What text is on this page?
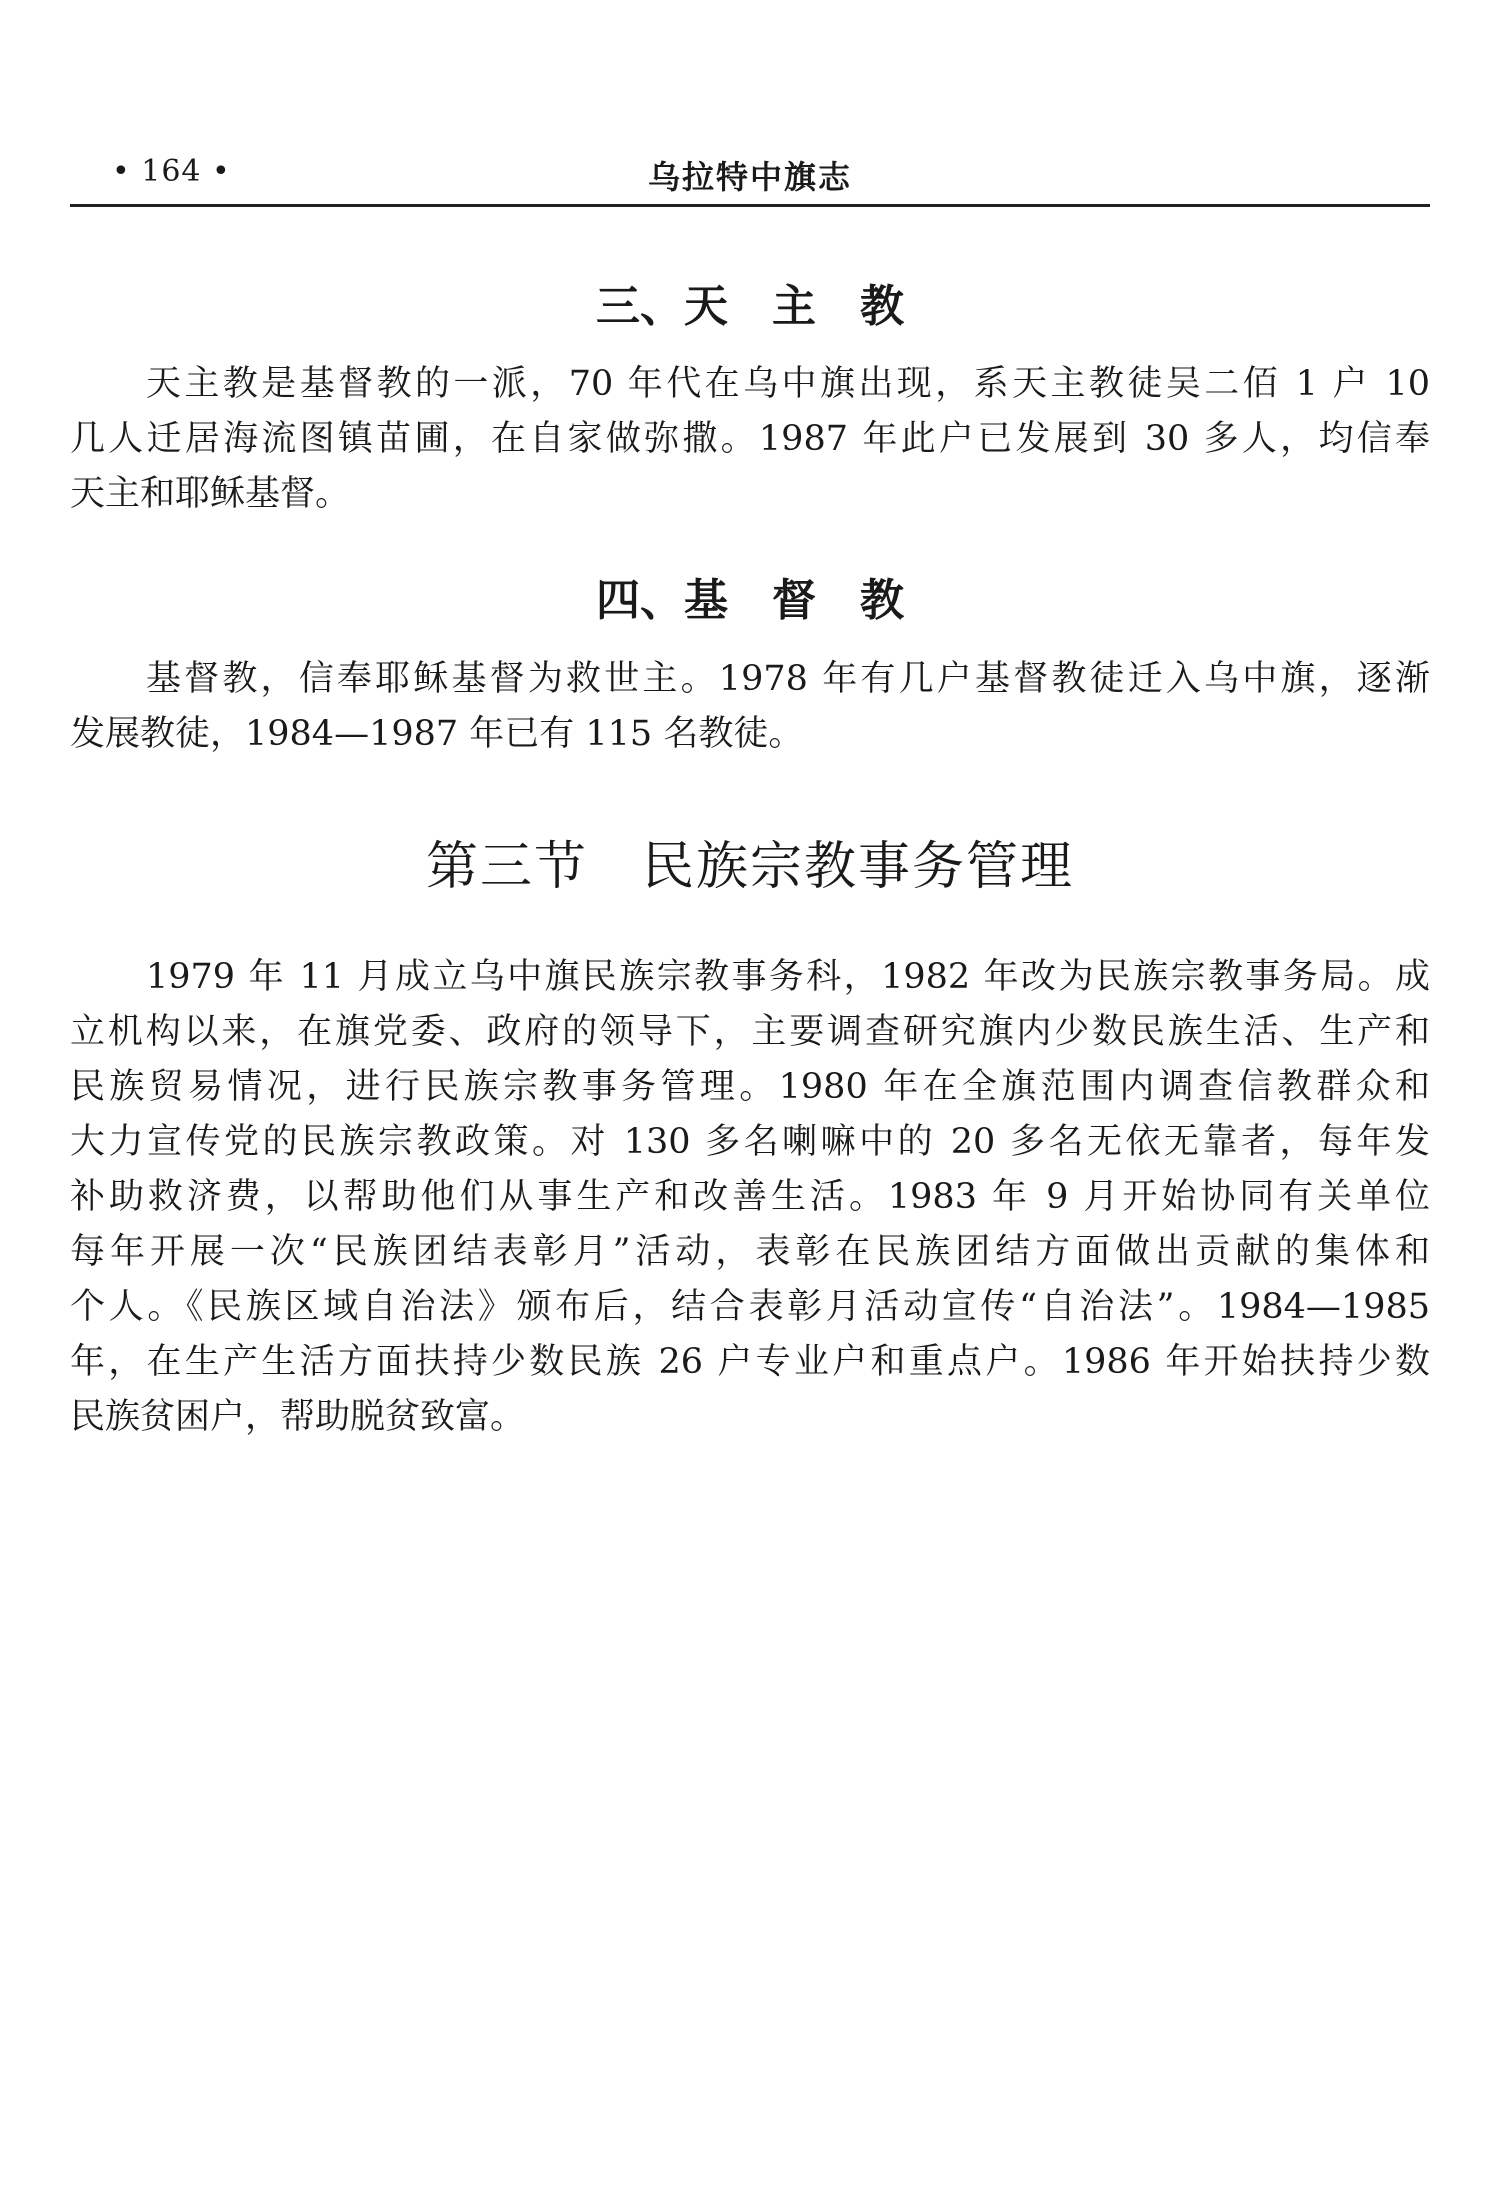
• 164 •	乌拉特中旗志
三、天　主　教
天主教是基督教的一派，70 年代在乌中旗出现，系天主教徒吴二佰 1 户 10
几人迁居海流图镇苗圃，在自家做弥撒。1987 年此户已发展到 30 多人，均信奉
天主和耶稣基督。
四、基　督　教
基督教，信奉耶稣基督为救世主。1978 年有几户基督教徒迁入乌中旗，逐渐
发展教徒，1984—1987 年已有 115 名教徒。
第三节　民族宗教事务管理
1979 年 11 月成立乌中旗民族宗教事务科，1982 年改为民族宗教事务局。成
立机构以来，在旗党委、政府的领导下，主要调查研究旗内少数民族生活、生产和
民族贸易情况，进行民族宗教事务管理。1980 年在全旗范围内调查信教群众和
大力宣传党的民族宗教政策。对 130 多名喇嘛中的 20 多名无依无靠者，每年发
补助救济费，以帮助他们从事生产和改善生活。1983 年 9 月开始协同有关单位
每年开展一次“民族团结表彰月”活动，表彰在民族团结方面做出贡献的集体和
个人。《民族区域自治法》颁布后，结合表彰月活动宣传“自治法”。1984—1985
年，在生产生活方面扶持少数民族 26 户专业户和重点户。1986 年开始扶持少数
民族贫困户，帮助脱贫致富。
